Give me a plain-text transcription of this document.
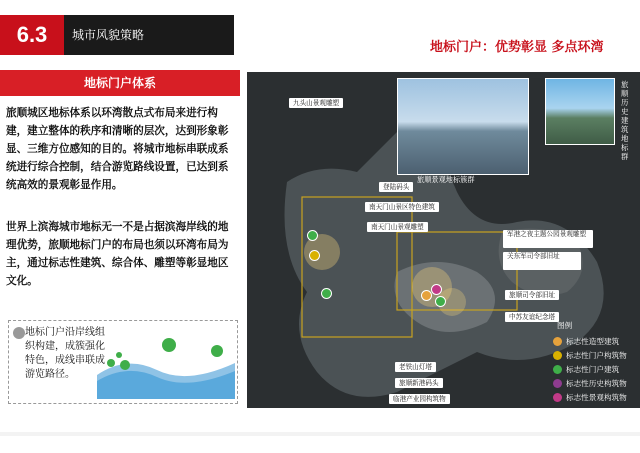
6.3	城市风貌策略
地标门户：优势彰显 多点环湾
地标门户体系
旅顺城区地标体系以环湾散点式布局来进行构建，建立整体的秩序和清晰的层次，达到形象彰显、三维方位感知的目的。将城市地标串联成系统进行综合控制，结合游览路线设置，已达到系统高效的景观彰显作用。
世界上滨海城市地标无一不是占据滨海岸线的地理优势，旅顺地标门户的布局也须以环湾布局为主，通过标志性建筑、综合体、雕塑等彰显地区文化。
地标门户沿岸线组织构建，成簇强化特色，成线串联成游览路径。
旅顺景观地标簇群
旅顺历史建筑地标群
九头山景观雕塑
登陆码头
南天门山景区特色建筑
南天门山景观雕塑
军港之夜主题公园景观雕塑
关东军司令部旧址
旅顺司令部旧址
中苏友谊纪念塔
老铁山灯塔
旅顺新港码头
临港产业园构筑物
图例
标志性造型建筑
标志性门户构筑物
标志性门户建筑
标志性历史构筑物
标志性景观构筑物
